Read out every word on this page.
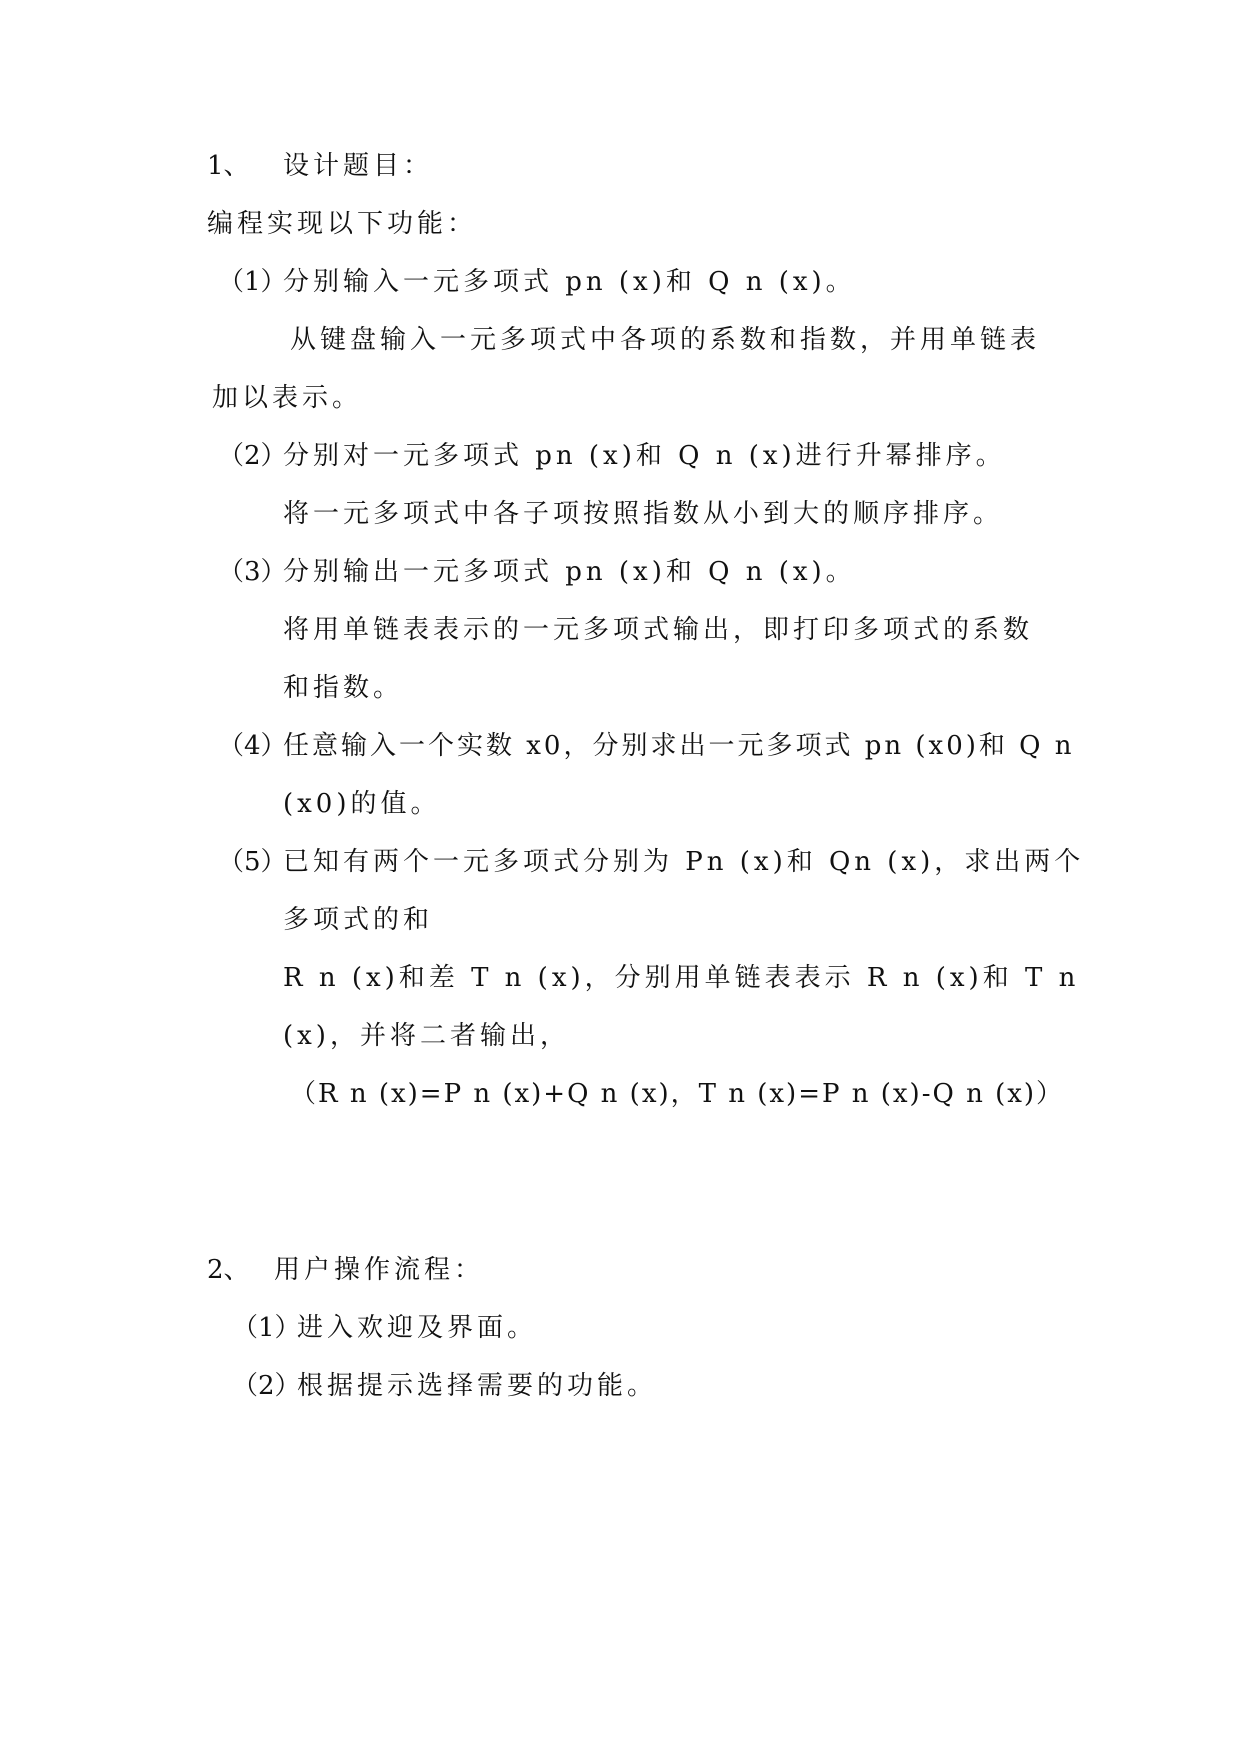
1、 设计题目：
编程实现以下功能：
（1）
分别输入一元多项式 pn (x)和 Q n (x)。
从键盘输入一元多项式中各项的系数和指数，并用单链表
加以表示。
（2）
分别对一元多项式 pn (x)和 Q n (x)进行升幂排序。
将一元多项式中各子项按照指数从小到大的顺序排序。
（3）
分别输出一元多项式 pn (x)和 Q n (x)。
将用单链表表示的一元多项式输出，即打印多项式的系数
和指数。
（4）
任意输入一个实数 x0，分别求出一元多项式 pn (x0)和 Q n
(x0)的值。
（5）
已知有两个一元多项式分别为 Pn (x)和 Qn (x)，求出两个
多项式的和
R n (x)和差 T n (x)，分别用单链表表示 R n (x)和 T n
(x)，并将二者输出，
（R n (x)=P n (x)+Q n (x)，T n (x)=P n (x)-Q n (x)）
2、 用户操作流程：
（1）
进入欢迎及界面。
（2）
根据提示选择需要的功能。
